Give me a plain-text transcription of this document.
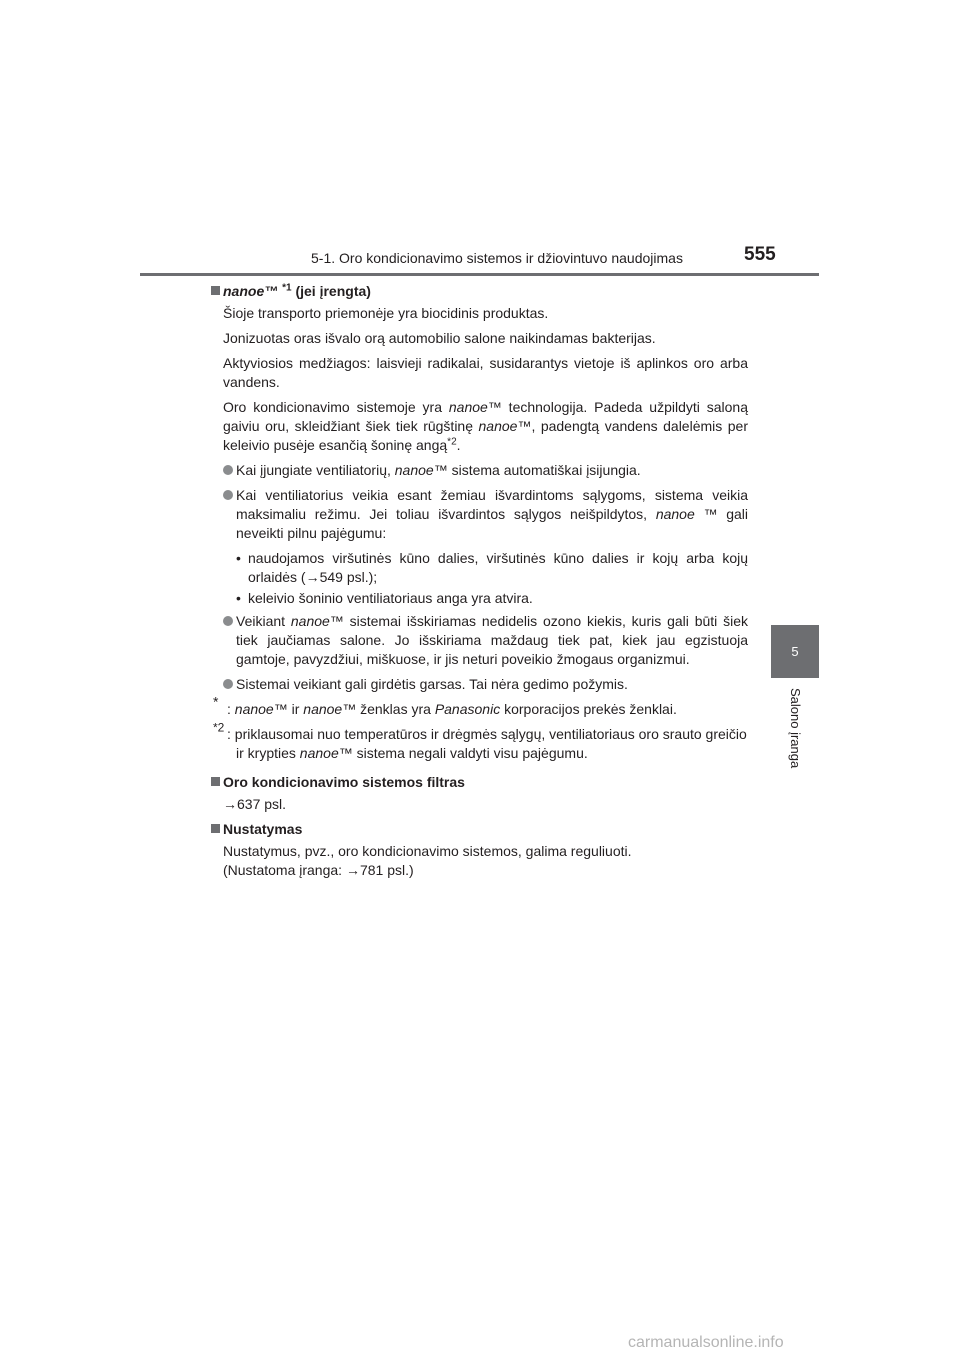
5-1. Oro kondicionavimo sistemos ir džiovintuvo naudojimas	555
5
Salono įranga
nanoe™ $^{*1}$ (jei įrengta)

Šioje transporto priemonėje yra biocidinis produktas.

Jonizuotas oras išvalo orą automobilio salone naikindamas bakterijas.

Aktyviosios medžiagos: laisvieji radikalai, susidarantys vietoje iš aplinkos oro arba vandens.

Oro kondicionavimo sistemoje yra nanoe™ technologija. Padeda užpildyti saloną gaiviu oru, skleidžiant šiek tiek rūgštinę nanoe™, padengtą vandens dalelėmis per keleivio pusėje esančią šoninę angą$^{*2}$.

Kai įjungiate ventiliatorių, nanoe™ sistema automatiškai įsijungia.

Kai ventiliatorius veikia esant žemiau išvardintoms sąlygoms, sistema veikia maksimaliu režimu. Jei toliau išvardintos sąlygos neišpildytos, nanoe ™ gali neveikti pilnu pajėgumu:

• naudojamos viršutinės kūno dalies, viršutinės kūno dalies ir kojų arba kojų orlaidės (→549 psl.);

• keleivio šoninio ventiliatoriaus anga yra atvira.

Veikiant nanoe™ sistemai išskiriamas nedidelis ozono kiekis, kuris gali būti šiek tiek jaučiamas salone. Jo išskiriama maždaug tiek pat, kiek jau egzistuoja gamtoje, pavyzdžiui, miškuose, ir jis neturi poveikio žmogaus organizmui.

Sistemai veikiant gali girdėtis garsas. Tai nėra gedimo požymis.

* : nanoe™ ir nanoe™ ženklas yra Panasonic korporacijos prekės ženklai.

$^{*2}$ : priklausomai nuo temperatūros ir drėgmės sąlygų, ventiliatoriaus oro srauto greičio ir krypties nanoe™ sistema negali valdyti visu pajėgumu.

Oro kondicionavimo sistemos filtras

→637 psl.

Nustatymas
Nustatymus, pvz., oro kondicionavimo sistemos, galima reguliuoti.
(Nustatoma įranga: →781 psl.)
carmanualsonline.info
